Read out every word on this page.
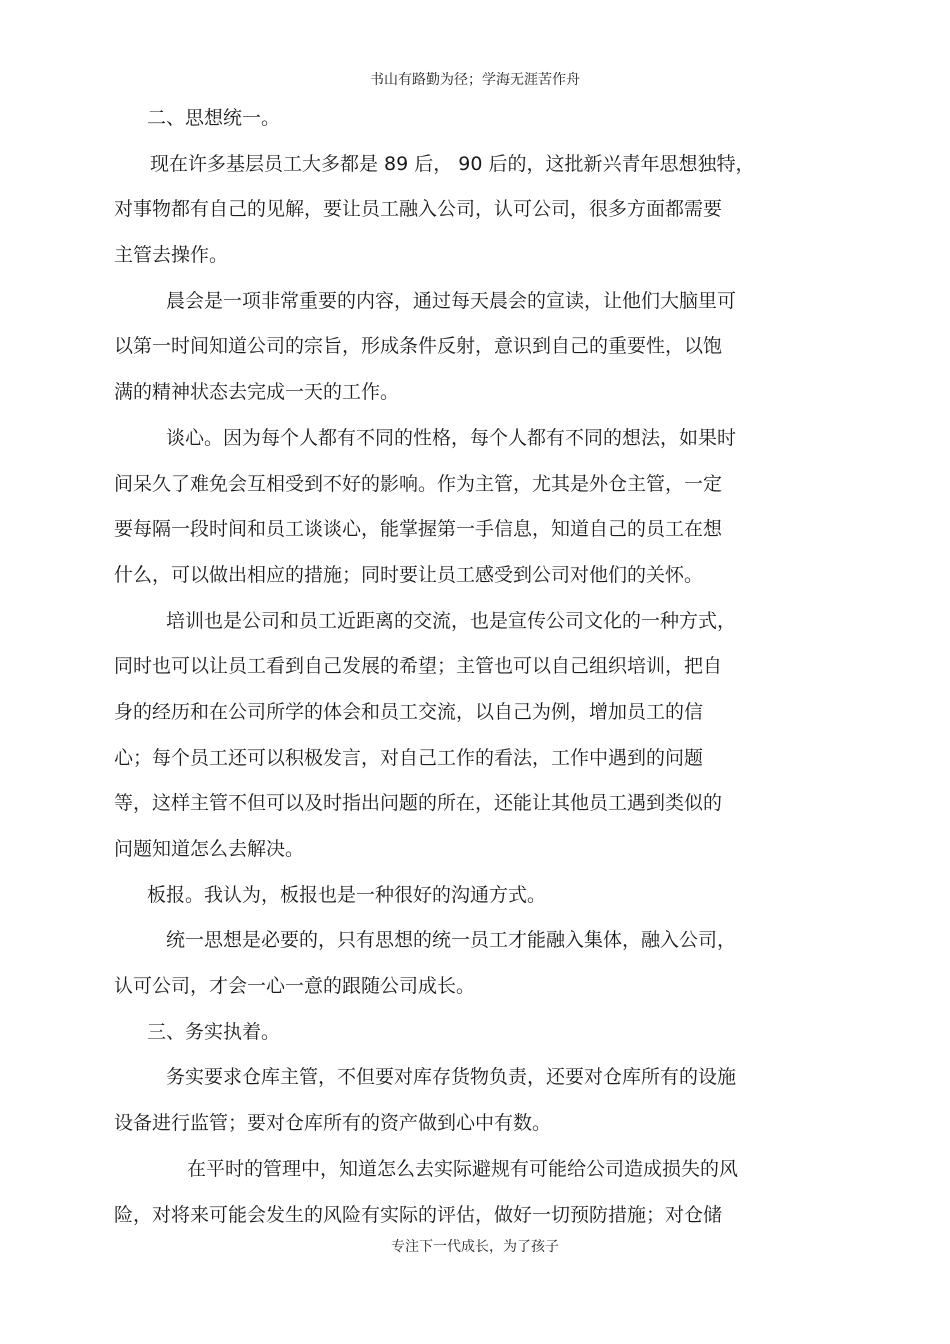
书山有路勤为径；学海无涯苦作舟
二、思想统一。
现在许多基层员工大多都是 89 后， 90 后的，这批新兴青年思想独特，
对事物都有自己的见解，要让员工融入公司，认可公司，很多方面都需要
主管去操作。
晨会是一项非常重要的内容，通过每天晨会的宣读，让他们大脑里可
以第一时间知道公司的宗旨，形成条件反射，意识到自己的重要性，以饱
满的精神状态去完成一天的工作。
谈心。因为每个人都有不同的性格，每个人都有不同的想法，如果时
间呆久了难免会互相受到不好的影响。作为主管，尤其是外仓主管，一定
要每隔一段时间和员工谈谈心，能掌握第一手信息，知道自己的员工在想
什么，可以做出相应的措施；同时要让员工感受到公司对他们的关怀。
培训也是公司和员工近距离的交流，也是宣传公司文化的一种方式，
同时也可以让员工看到自己发展的希望；主管也可以自己组织培训，把自
身的经历和在公司所学的体会和员工交流，以自己为例，增加员工的信
心；每个员工还可以积极发言，对自己工作的看法，工作中遇到的问题
等，这样主管不但可以及时指出问题的所在，还能让其他员工遇到类似的
问题知道怎么去解决。
板报。我认为，板报也是一种很好的沟通方式。
统一思想是必要的，只有思想的统一员工才能融入集体，融入公司，
认可公司，才会一心一意的跟随公司成长。
三、务实执着。
务实要求仓库主管，不但要对库存货物负责，还要对仓库所有的设施
设备进行监管；要对仓库所有的资产做到心中有数。
在平时的管理中，知道怎么去实际避规有可能给公司造成损失的风
险，对将来可能会发生的风险有实际的评估，做好一切预防措施；对仓储
专注下一代成长，为了孩子
